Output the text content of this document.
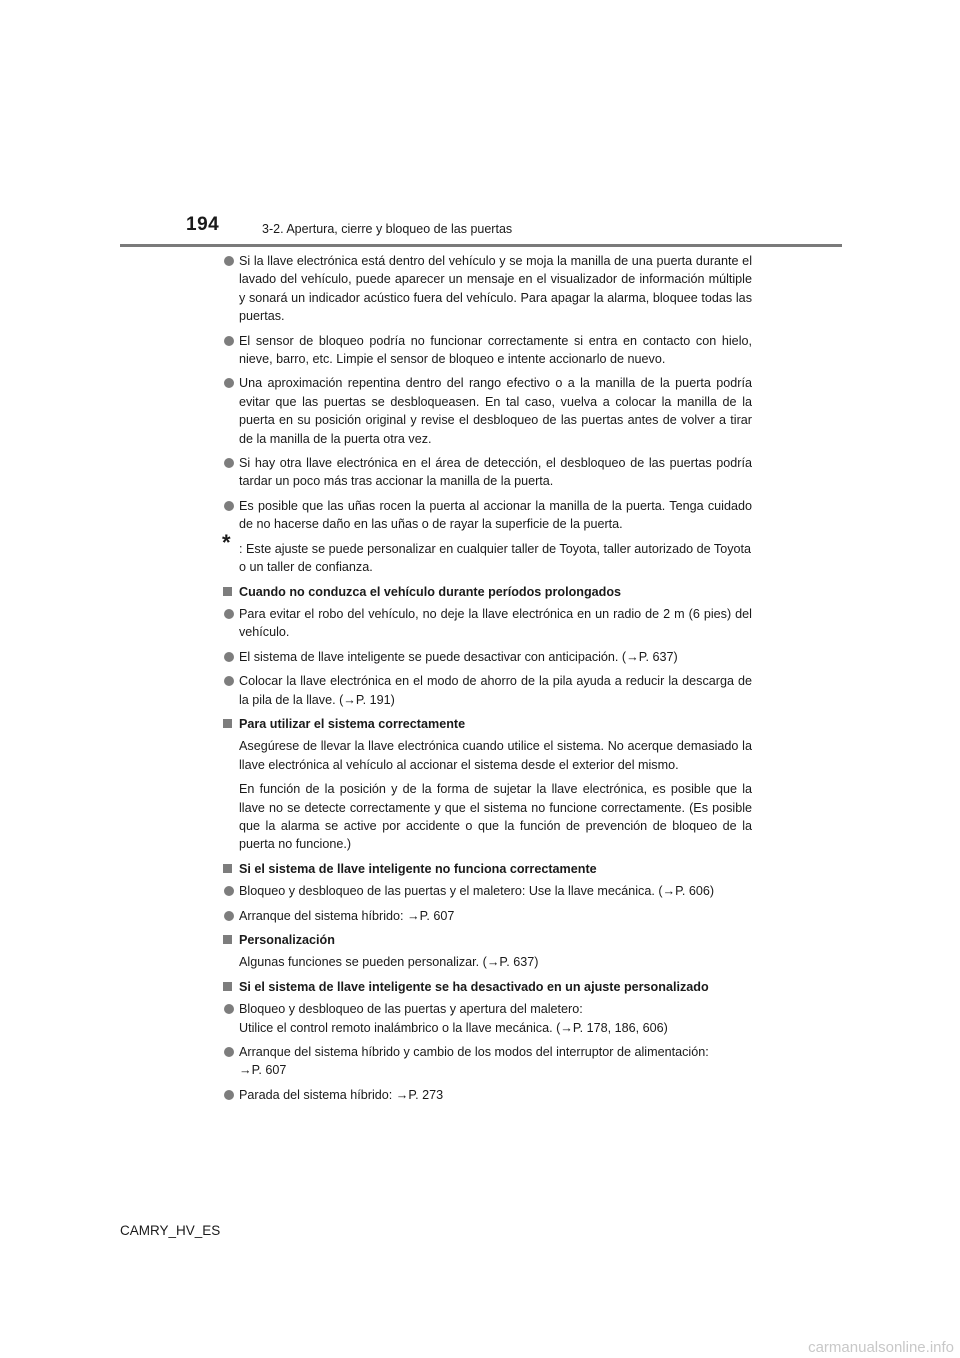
194	3-2. Apertura, cierre y bloqueo de las puertas
Si la llave electrónica está dentro del vehículo y se moja la manilla de una puerta durante el lavado del vehículo, puede aparecer un mensaje en el visualizador de información múltiple y sonará un indicador acústico fuera del vehículo. Para apagar la alarma, bloquee todas las puertas.
El sensor de bloqueo podría no funcionar correctamente si entra en contacto con hielo, nieve, barro, etc. Limpie el sensor de bloqueo e intente accionarlo de nuevo.
Una aproximación repentina dentro del rango efectivo o a la manilla de la puerta podría evitar que las puertas se desbloqueasen. En tal caso, vuelva a colocar la manilla de la puerta en su posición original y revise el desbloqueo de las puertas antes de volver a tirar de la manilla de la puerta otra vez.
Si hay otra llave electrónica en el área de detección, el desbloqueo de las puertas podría tardar un poco más tras accionar la manilla de la puerta.
Es posible que las uñas rocen la puerta al accionar la manilla de la puerta. Tenga cuidado de no hacerse daño en las uñas o de rayar la superficie de la puerta.
* : Este ajuste se puede personalizar en cualquier taller de Toyota, taller autorizado de Toyota o un taller de confianza.
Cuando no conduzca el vehículo durante períodos prolongados
Para evitar el robo del vehículo, no deje la llave electrónica en un radio de 2 m (6 pies) del vehículo.
El sistema de llave inteligente se puede desactivar con anticipación. (→P. 637)
Colocar la llave electrónica en el modo de ahorro de la pila ayuda a reducir la descarga de la pila de la llave. (→P. 191)
Para utilizar el sistema correctamente
Asegúrese de llevar la llave electrónica cuando utilice el sistema. No acerque demasiado la llave electrónica al vehículo al accionar el sistema desde el exterior del mismo.
En función de la posición y de la forma de sujetar la llave electrónica, es posible que la llave no se detecte correctamente y que el sistema no funcione correctamente. (Es posible que la alarma se active por accidente o que la función de prevención de bloqueo de la puerta no funcione.)
Si el sistema de llave inteligente no funciona correctamente
Bloqueo y desbloqueo de las puertas y el maletero: Use la llave mecánica. (→P. 606)
Arranque del sistema híbrido: →P. 607
Personalización
Algunas funciones se pueden personalizar. (→P. 637)
Si el sistema de llave inteligente se ha desactivado en un ajuste personalizado
Bloqueo y desbloqueo de las puertas y apertura del maletero:
Utilice el control remoto inalámbrico o la llave mecánica. (→P. 178, 186, 606)
Arranque del sistema híbrido y cambio de los modos del interruptor de alimentación:
→P. 607
Parada del sistema híbrido: →P. 273
CAMRY_HV_ES
carmanualsonline.info
